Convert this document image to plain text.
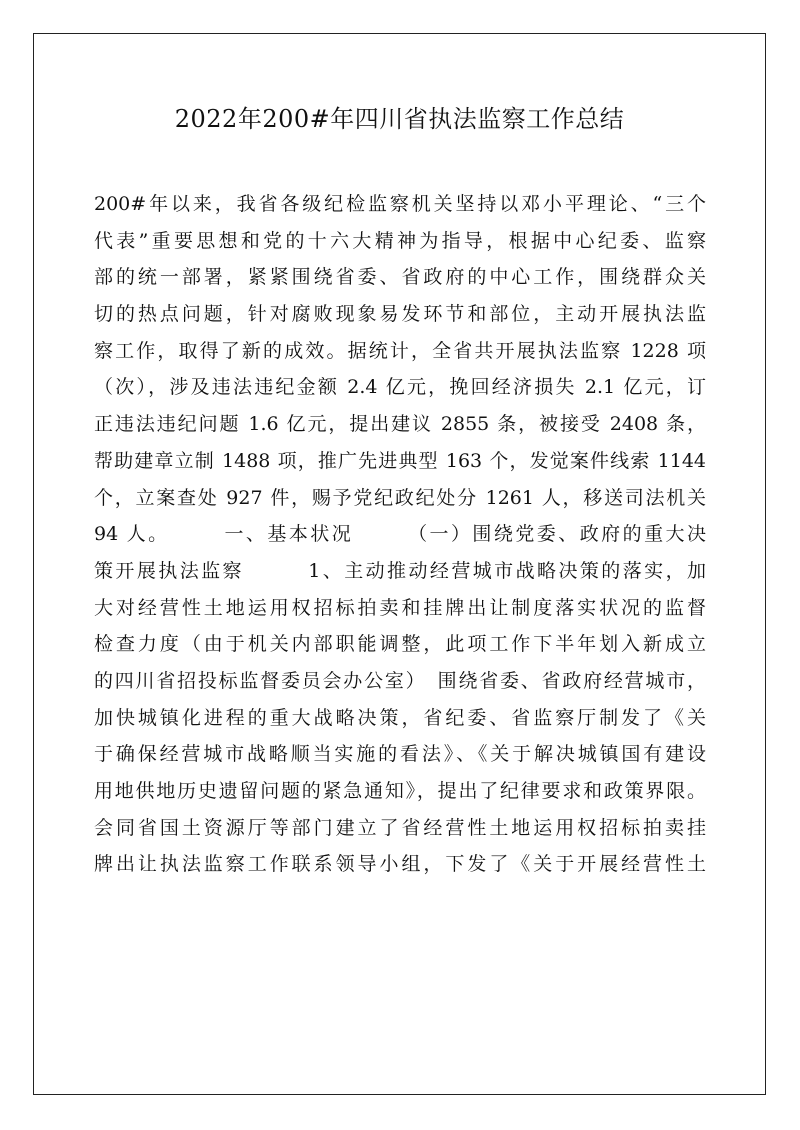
2022年200#年四川省执法监察工作总结
200#年以来，我省各级纪检监察机关坚持以邓小平理论、“三个
代表”重要思想和党的十六大精神为指导，根据中心纪委、监察
部的统一部署，紧紧围绕省委、省政府的中心工作，围绕群众关
切的热点问题，针对腐败现象易发环节和部位，主动开展执法监
察工作，取得了新的成效。据统计，全省共开展执法监察 1228 项
（次），涉及违法违纪金额 2.4 亿元，挽回经济损失 2.1 亿元，订
正违法违纪问题 1.6 亿元，提出建议 2855 条，被接受 2408 条，
帮助建章立制 1488 项，推广先进典型 163 个，发觉案件线索 1144
个，立案查处 927 件，赐予党纪政纪处分 1261 人，移送司法机关
94 人。　　　一、基本状况　　　（一）围绕党委、政府的重大决
策开展执法监察　　　1、主动推动经营城市战略决策的落实，加
大对经营性土地运用权招标拍卖和挂牌出让制度落实状况的监督
检查力度（由于机关内部职能调整，此项工作下半年划入新成立
的四川省招投标监督委员会办公室）　围绕省委、省政府经营城市，
加快城镇化进程的重大战略决策，省纪委、省监察厅制发了《关
于确保经营城市战略顺当实施的看法》、《关于解决城镇国有建设
用地供地历史遗留问题的紧急通知》，提出了纪律要求和政策界限。
会同省国土资源厅等部门建立了省经营性土地运用权招标拍卖挂
牌出让执法监察工作联系领导小组，下发了《关于开展经营性土
